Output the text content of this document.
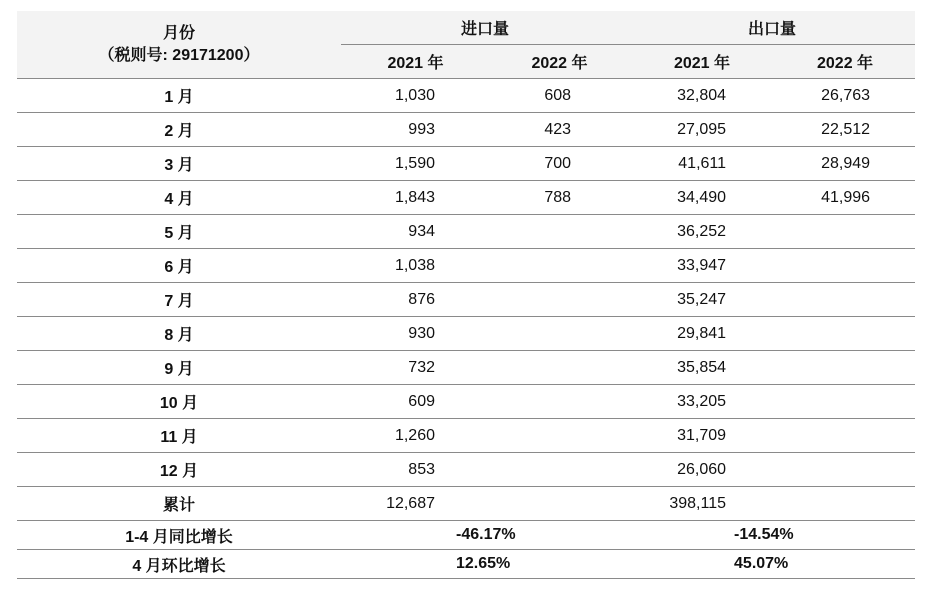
月份
（税则号: 29171200）	进口量		出口量	
	2021 年	2022 年	2021 年	2022 年
1 月	1,030	608	32,804	26,763
2 月	993	423	27,095	22,512
3 月	1,590	700	41,611	28,949
4 月	1,843	788	34,490	41,996
5 月	934		36,252	
6 月	1,038		33,947	
7 月	876		35,247	
8 月	930		29,841	
9 月	732		35,854	
10 月	609		33,205	
11 月	1,260		31,709	
12 月	853		26,060	
累计	12,687		398,115	
1-4 月同比增长	-46.17%		-14.54%	
4 月环比增长	12.65%		45.07%	
